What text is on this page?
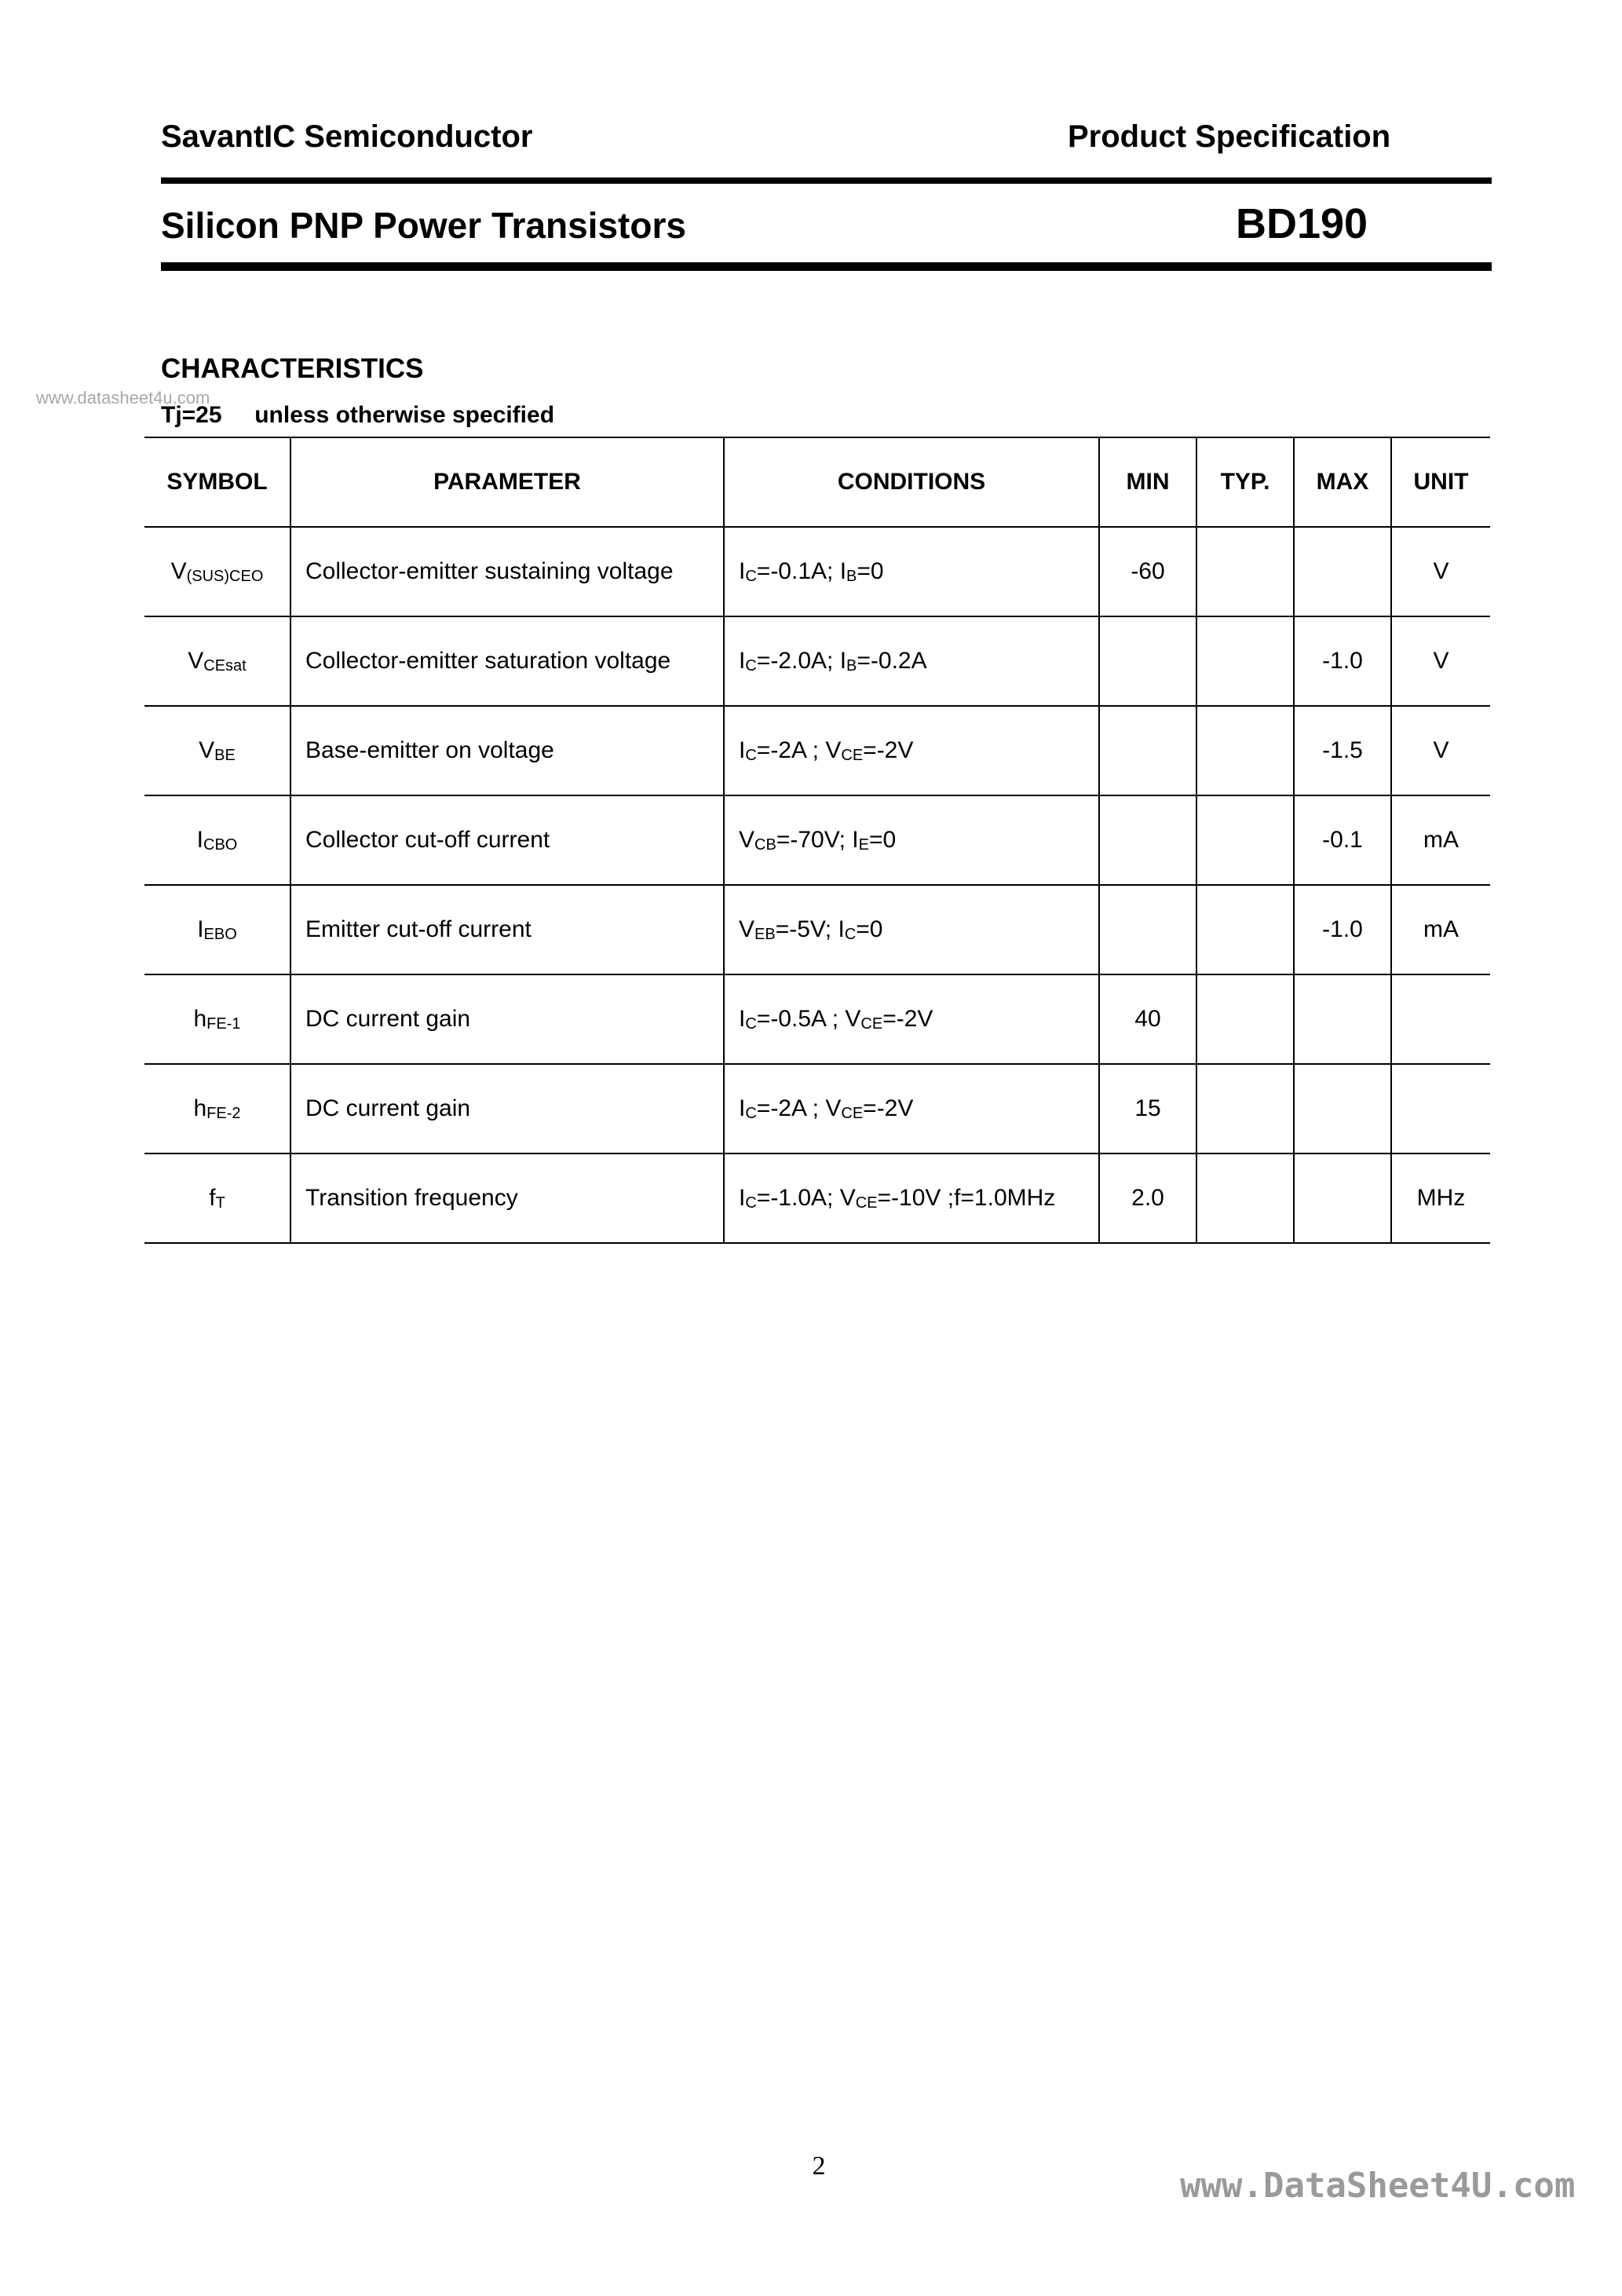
SavantIC Semiconductor	Product Specification
Silicon PNP Power Transistors	BD190
www.datasheet4u.com
CHARACTERISTICS
Tj=25     unless otherwise specified
SYMBOL	PARAMETER	CONDITIONS	MIN	TYP.	MAX	UNIT
V(SUS)CEO	Collector-emitter sustaining voltage	IC=-0.1A; IB=0	-60			V
VCEsat	Collector-emitter saturation voltage	IC=-2.0A; IB=-0.2A			-1.0	V
VBE	Base-emitter on voltage	IC=-2A ; VCE=-2V			-1.5	V
ICBO	Collector cut-off current	VCB=-70V; IE=0			-0.1	mA
IEBO	Emitter cut-off current	VEB=-5V; IC=0			-1.0	mA
hFE-1	DC current gain	IC=-0.5A ; VCE=-2V	40			
hFE-2	DC current gain	IC=-2A ; VCE=-2V	15			
fT	Transition frequency	IC=-1.0A; VCE=-10V ;f=1.0MHz	2.0			MHz
2	www.DataSheet4U.com
